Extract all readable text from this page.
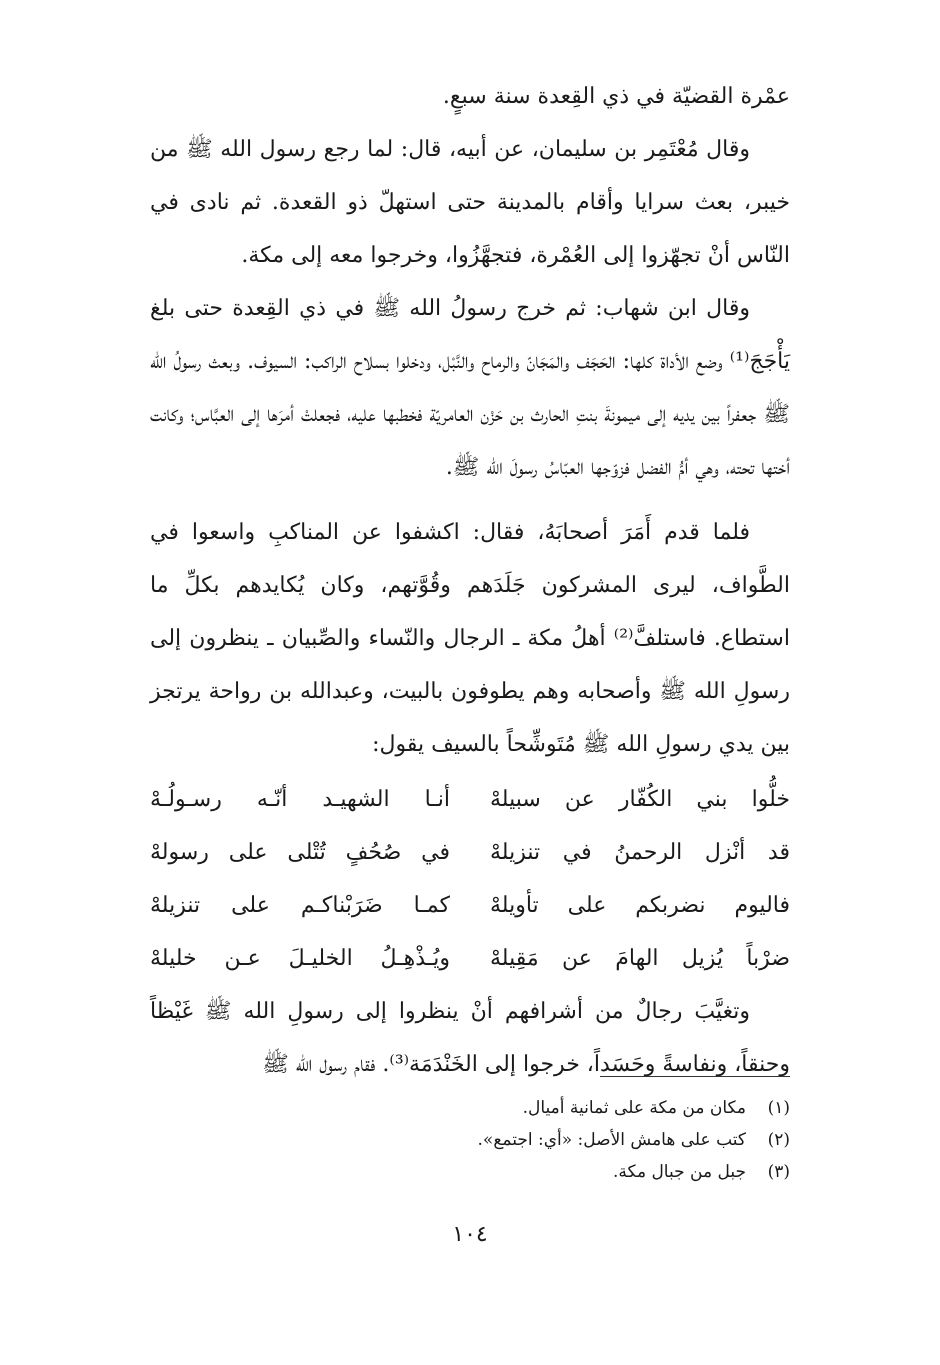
عمْرة القضيّة في ذي القِعدة سنة سبعٍ.

وقال مُعْتَمِر بن سليمان، عن أبيه، قال: لما رجع رسول الله ﷺ من خيبر، بعث سرايا وأقام بالمدينة حتى استهلّ ذو القعدة. ثم نادى في النّاس أنْ تجهّزوا إلى العُمْرة، فتجهَّزُوا، وخرجوا معه إلى مكة.

وقال ابن شهاب: ثم خرج رسولُ الله ﷺ في ذي القِعدة حتى بلغ يَأْجَجَ⁽¹⁾ وضع الأداة كلها: الحَجَف والمَجَانّ والرماح والنَّبْل، ودخلوا بسلاح الراكب: السيوف. وبعث رسولُ الله ﷺ جعفراً بين يديه إلى ميمونةَ بنتِ الحارث بن حَزْن العامريّة فخطبها عليه، فجعلتْ أمرَها إلى العبَّاس؛ وكانت أختها تحته، وهي أمُّ الفضل فزوّجها العبّاسُ رسولَ الله ﷺ.

فلما قدم أَمَرَ أصحابَهُ، فقال: اكشفوا عن المناكبِ واسعوا في الطَّواف، ليرى المشركون جَلَدَهم وقُوَّتهم، وكان يُكايدهم بكلِّ ما استطاع. فاستلفَّ⁽²⁾ أهلُ مكة ـ الرجال والنّساء والصِّبيان ـ ينظرون إلى رسولِ الله ﷺ وأصحابه وهم يطوفون بالبيت، وعبدالله بن رواحة يرتجز بين يدي رسولِ الله ﷺ مُتَوشِّحاً بالسيف يقول:

خلُّوا بني الكُفّار عن سبيلهْ
أنـا الشهيـد أنّـه رسـولُـهْ
قد أنْزل الرحمنُ في تنزيلهْ
في صُحُفٍ تُتْلى على رسولهْ
فاليوم نضربكم على تأويلهْ
كمـا ضَرَبْناكـم على تنزيلهْ
ضرْباً يُزيل الهامَ عن مَقِيلهْ
ويُـذْهِـلُ الخليـلَ عـن خليلهْ

وتغيَّبَ رجالٌ من أشرافهم أنْ ينظروا إلى رسولِ الله ﷺ غَيْظاً وحنقاً، ونفاسةً وحَسَداً، خرجوا إلى الخَنْدَمَة⁽³⁾. فقام رسول الله ﷺ

(١)
مكان من مكة على ثمانية أميال.
(٢)
كتب على هامش الأصل: «أي: اجتمع».
(٣)
جبل من جبال مكة.
١٠٤
